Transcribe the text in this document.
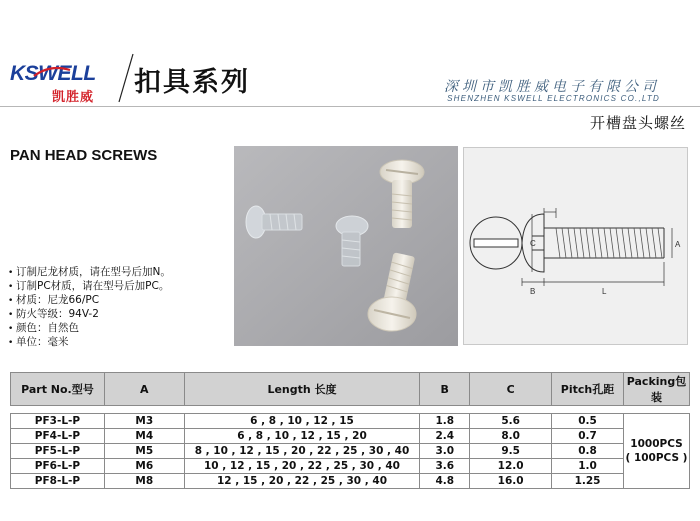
KSWELL
凯胜威 扣具系列	深圳市凯胜威电子有限公司
SHENZHEN KSWELL ELECTRONICS CO.,LTD
开槽盘头螺丝
PAN HEAD SCREWS
C	A
B	L
• 订制尼龙材质，请在型号后加N。
• 订制PC材质，请在型号后加PC。
• 材质：尼龙66/PC
• 防火等级：94V-2
• 颜色：自然色
• 单位：毫米
Part No.型号	A	Length 长度	B	C	Pitch孔距	Packing包装

PF3-L-P	M3	6 , 8 , 10 , 12 , 15	1.8	5.6	0.5	1000PCS
( 100PCS )

PF4-L-P	M4	6 , 8 , 10 , 12 , 15 , 20	2.4	8.0	0.7	
PF5-L-P	M5	8 , 10 , 12 , 15 , 20 , 22 , 25 , 30 , 40	3.0	9.5	0.8	
PF6-L-P	M6	10 , 12 , 15 , 20 , 22 , 25 , 30 , 40	3.6	12.0	1.0	
PF8-L-P	M8	12 , 15 , 20 , 22 , 25 , 30 , 40	4.8	16.0	1.25	
